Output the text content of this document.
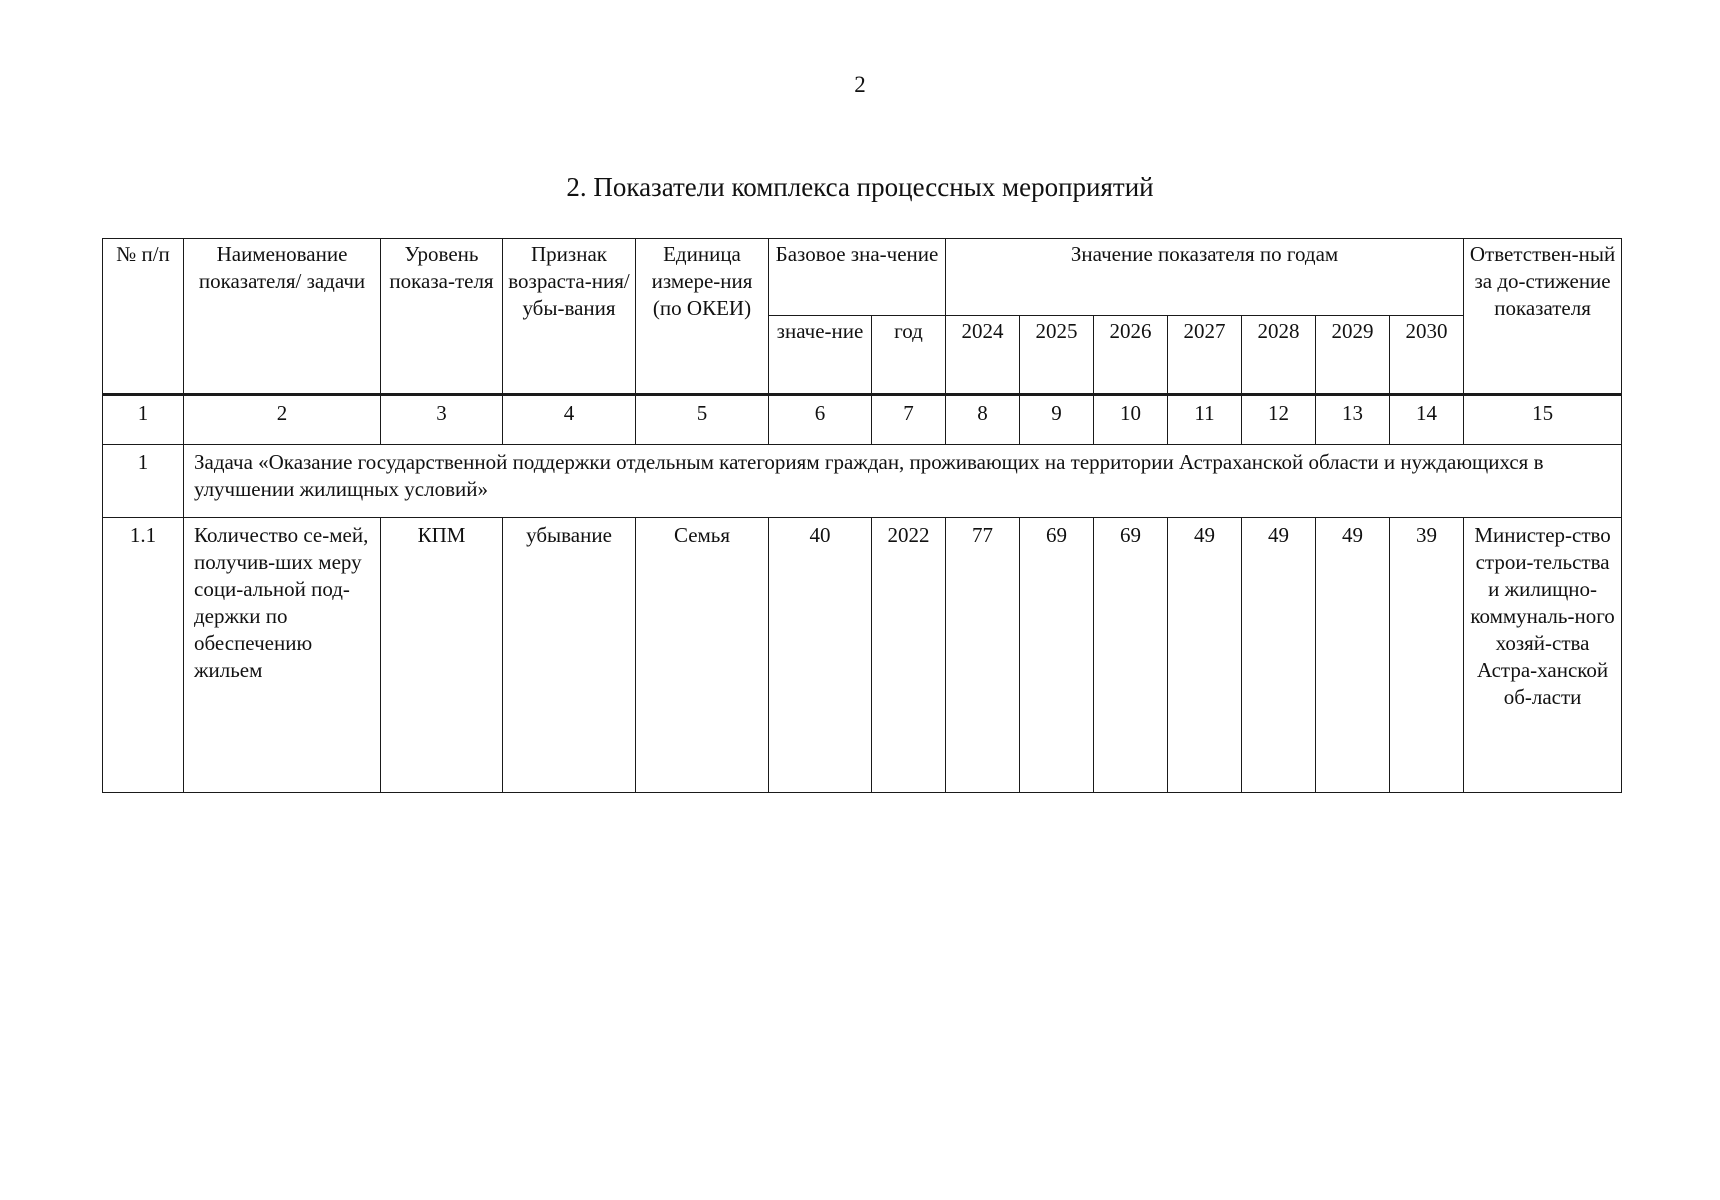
2
2. Показатели комплекса процессных мероприятий
№ п/п	Наименование показателя/ задачи	Уровень показа-теля	Признак возраста-ния/убы-вания	Единица измере-ния (по ОКЕИ)	Базовое зна-чение		Значение показателя по годам							Ответствен-ный за до-стижение показателя
					значе-ние	год	2024	2025	2026	2027	2028	2029	2030	
1	2	3	4	5	6	7	8	9	10	11	12	13	14	15
1	Задача «Оказание государственной поддержки отдельным категориям граждан, проживающих на территории Астраханской области и нуждающихся в улучшении жилищных условий»													
1.1	Количество се-мей, получив-ших меру соци-альной под-держки по обеспечению жильем	КПМ	убывание	Семья	40	2022	77	69	69	49	49	49	39	Министер-ство строи-тельства и жилищно-коммуналь-ного хозяй-ства Астра-ханской об-ласти
